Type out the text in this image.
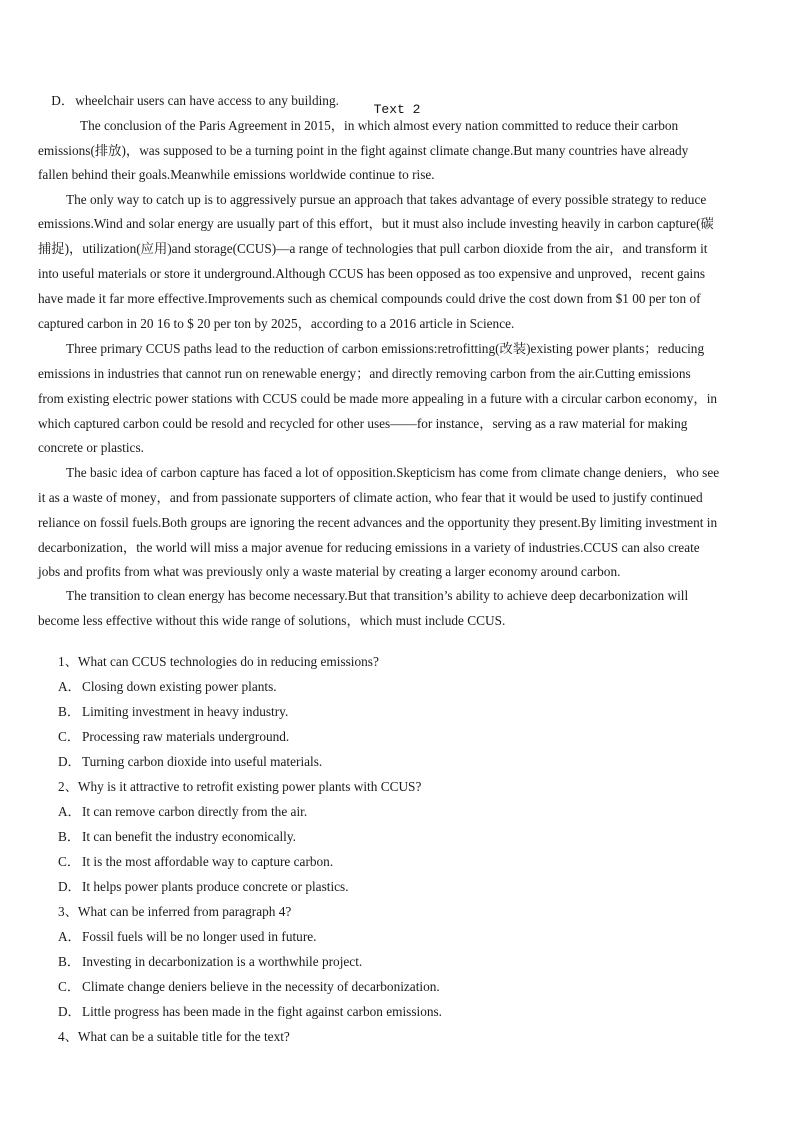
D．wheelchair users can have access to any building.

Text 2
The conclusion of the Paris Agreement in 2015，in which almost every nation committed to reduce their carbon
emissions(排放)，was supposed to be a turning point in the fight against climate change.But many countries have already
fallen behind their goals.Meanwhile emissions worldwide continue to rise.
The only way to catch up is to aggressively pursue an approach that takes advantage of every possible strategy to reduce
emissions.Wind and solar energy are usually part of this effort，but it must also include investing heavily in carbon capture(碳
捕捉)，utilization(应用)and storage(CCUS)—a range of technologies that pull carbon dioxide from the air，and transform it
into useful materials or store it underground.Although CCUS has been opposed as too expensive and unproved，recent gains
have made it far more effective.Improvements such as chemical compounds could drive the cost down from $1 00 per ton of
captured carbon in 20 16 to $ 20 per ton by 2025，according to a 2016 article in Science.
Three primary CCUS paths lead to the reduction of carbon emissions:retrofitting(改装)existing power plants；reducing
emissions in industries that cannot run on renewable energy；and directly removing carbon from the air.Cutting emissions
from existing electric power stations with CCUS could be made more appealing in a future with a circular carbon economy，in
which captured carbon could be resold and recycled for other uses——for instance，serving as a raw material for making
concrete or plastics.
The basic idea of carbon capture has faced a lot of opposition.Skepticism has come from climate change deniers，who see
it as a waste of money，and from passionate supporters of climate action, who fear that it would be used to justify continued
reliance on fossil fuels.Both groups are ignoring the recent advances and the opportunity they present.By limiting investment in
decarbonization，the world will miss a major avenue for reducing emissions in a variety of industries.CCUS can also create
jobs and profits from what was previously only a waste material by creating a larger economy around carbon.
The transition to clean energy has become necessary.But that transition’s ability to achieve deep decarbonization will
become less effective without this wide range of solutions，which must include CCUS.

1、What can CCUS technologies do in reducing emissions?

A．Closing down existing power plants.

B． Limiting investment in heavy industry.

C． Processing raw materials underground.

D．Turning carbon dioxide into useful materials.

2、Why is it attractive to retrofit existing power plants with CCUS?

A．It can remove carbon directly from the air.

B． It can benefit the industry economically.

C． It is the most affordable way to capture carbon.

D．It helps power plants produce concrete or plastics.

3、What can be inferred from paragraph 4?

A．Fossil fuels will be no longer used in future.

B． Investing in decarbonization is a worthwhile project.

C． Climate change deniers believe in the necessity of decarbonization.

D．Little progress has been made in the fight against carbon emissions.

4、What can be a suitable title for the text?
